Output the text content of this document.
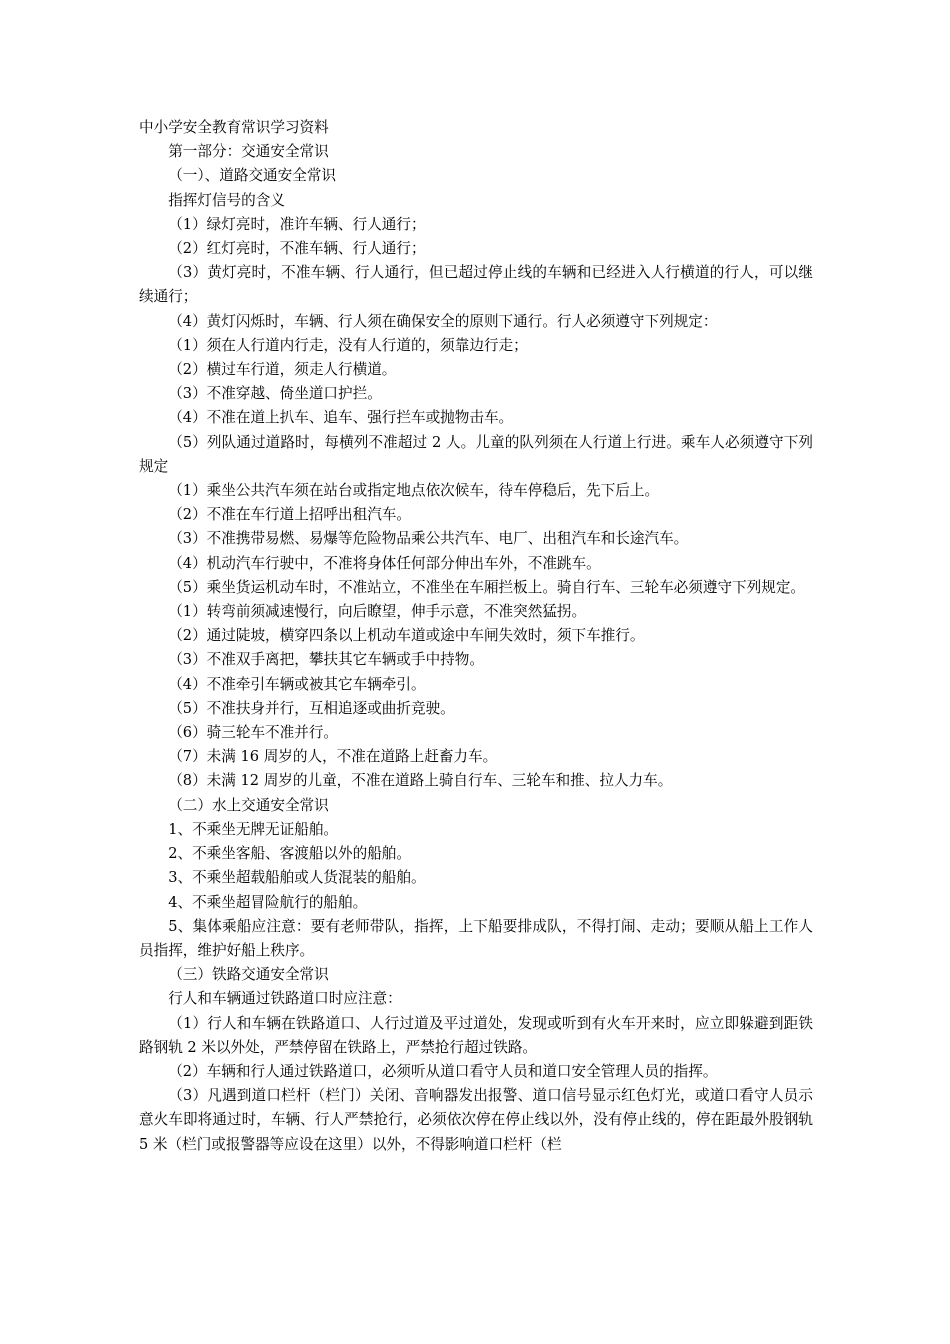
中小学安全教育常识学习资料

第一部分：交通安全常识

（一）、道路交通安全常识

指挥灯信号的含义

（1）绿灯亮时，准许车辆、行人通行；

（2）红灯亮时，不准车辆、行人通行；

（3）黄灯亮时，不准车辆、行人通行，但已超过停止线的车辆和已经进入人行横道的行人，可以继续通行；

（4）黄灯闪烁时，车辆、行人须在确保安全的原则下通行。行人必须遵守下列规定：

（1）须在人行道内行走，没有人行道的，须靠边行走；

（2）横过车行道，须走人行横道。

（3）不准穿越、倚坐道口护拦。

（4）不准在道上扒车、追车、强行拦车或抛物击车。

（5）列队通过道路时，每横列不准超过 2 人。儿童的队列须在人行道上行进。乘车人必须遵守下列规定

（1）乘坐公共汽车须在站台或指定地点依次候车，待车停稳后，先下后上。

（2）不准在车行道上招呼出租汽车。

（3）不准携带易燃、易爆等危险物品乘公共汽车、电厂、出租汽车和长途汽车。

（4）机动汽车行驶中，不准将身体任何部分伸出车外，不准跳车。

（5）乘坐货运机动车时，不准站立，不准坐在车厢拦板上。骑自行车、三轮车必须遵守下列规定。

（1）转弯前须减速慢行，向后瞭望，伸手示意，不准突然猛拐。

（2）通过陡坡，横穿四条以上机动车道或途中车闸失效时，须下车推行。

（3）不准双手离把，攀扶其它车辆或手中持物。

（4）不准牵引车辆或被其它车辆牵引。

（5）不准扶身并行，互相追逐或曲折竞驶。

（6）骑三轮车不准并行。

（7）未满 16 周岁的人，不准在道路上赶畜力车。

（8）未满 12 周岁的儿童，不准在道路上骑自行车、三轮车和推、拉人力车。

（二）水上交通安全常识

1、不乘坐无牌无证船舶。

2、不乘坐客船、客渡船以外的船舶。

3、不乘坐超载船舶或人货混装的船舶。

4、不乘坐超冒险航行的船舶。

5、集体乘船应注意：要有老师带队，指挥，上下船要排成队，不得打闹、走动；要顺从船上工作人员指挥，维护好船上秩序。

（三）铁路交通安全常识

行人和车辆通过铁路道口时应注意：

（1）行人和车辆在铁路道口、人行过道及平过道处，发现或听到有火车开来时，应立即躲避到距铁路钢轨 2 米以外处，严禁停留在铁路上，严禁抢行超过铁路。

（2）车辆和行人通过铁路道口，必须听从道口看守人员和道口安全管理人员的指挥。

（3）凡遇到道口栏杆（栏门）关闭、音响器发出报警、道口信号显示红色灯光，或道口看守人员示意火车即将通过时，车辆、行人严禁抢行，必须依次停在停止线以外，没有停止线的，停在距最外股钢轨 5 米（栏门或报警器等应设在这里）以外，不得影响道口栏杆（栏
